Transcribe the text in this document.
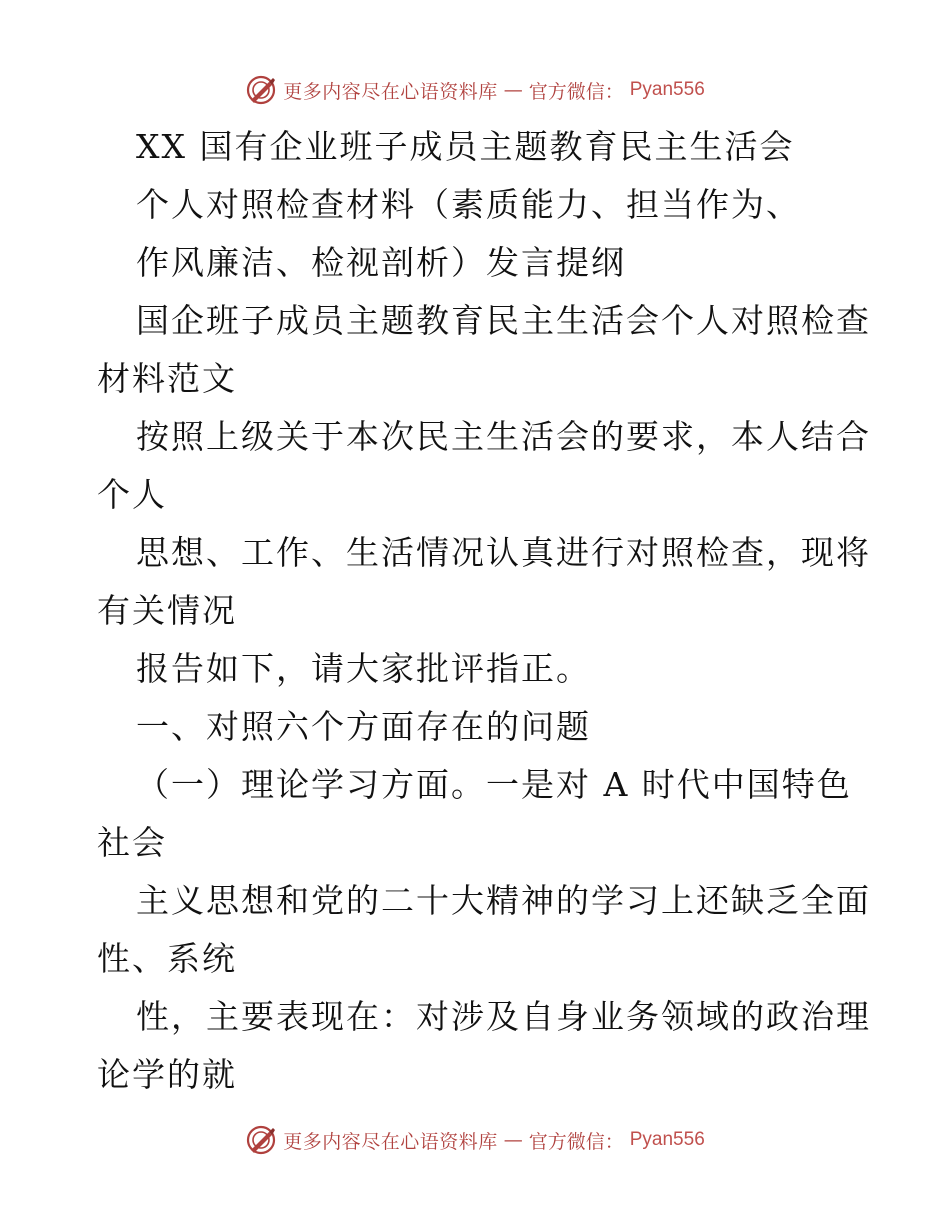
更多内容尽在心语资料库 — 官方微信： Pyan556
XX 国有企业班子成员主题教育民主生活会
个人对照检查材料（素质能力、担当作为、
作风廉洁、检视剖析）发言提纲
国企班子成员主题教育民主生活会个人对照检查
材料范文
按照上级关于本次民主生活会的要求，本人结合
个人
思想、工作、生活情况认真进行对照检查，现将
有关情况
报告如下，请大家批评指正。
一、对照六个方面存在的问题
（一）理论学习方面。一是对 A 时代中国特色
社会
主义思想和党的二十大精神的学习上还缺乏全面
性、系统
性，主要表现在：对涉及自身业务领域的政治理
论学的就
更多内容尽在心语资料库 — 官方微信： Pyan556
